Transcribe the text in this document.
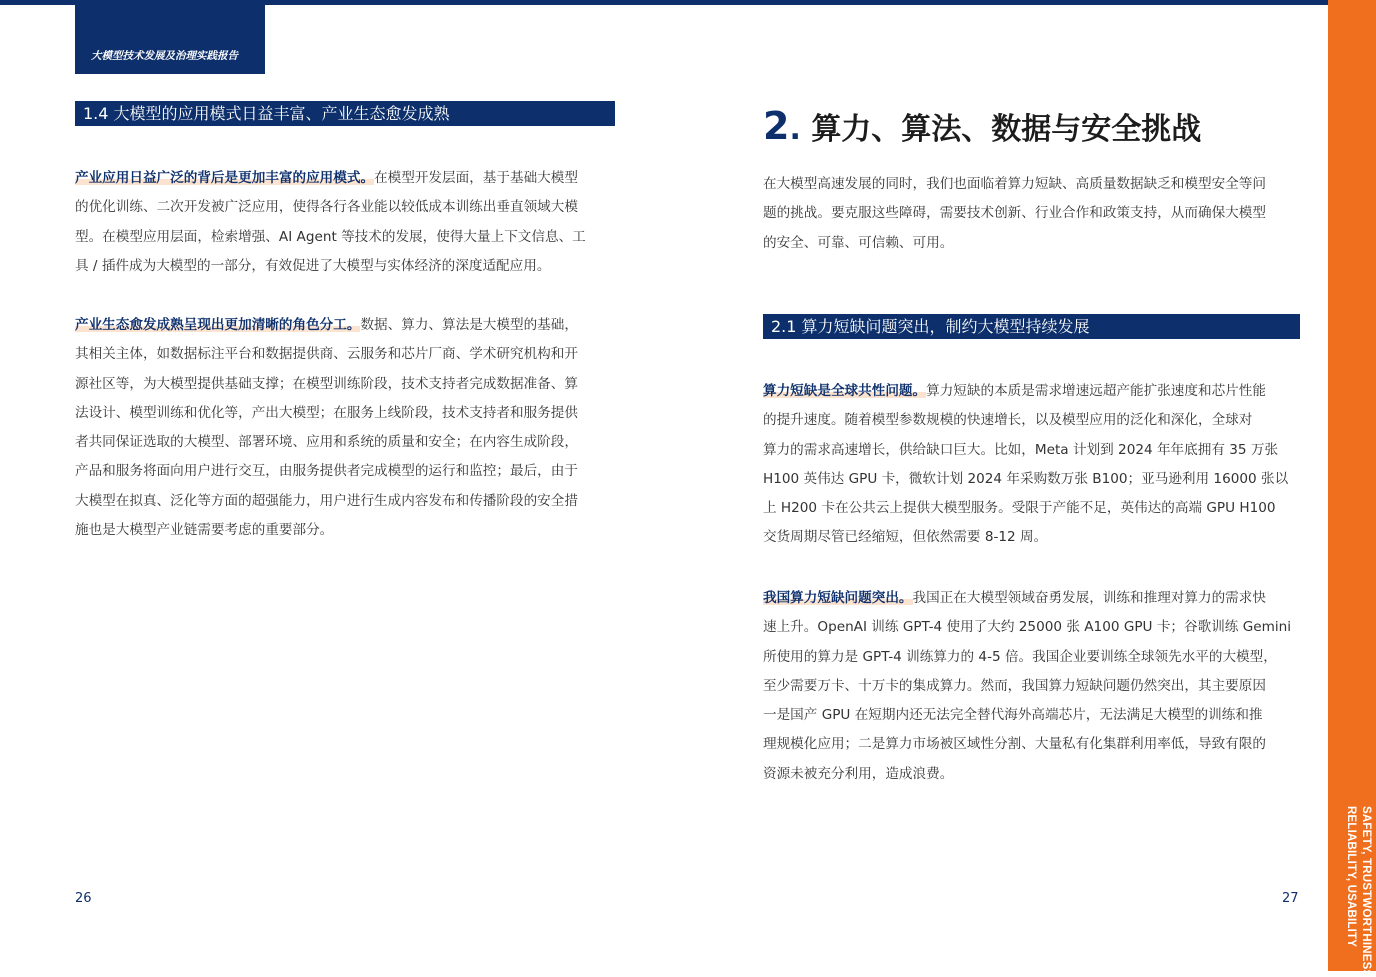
大模型技术发展及治理实践报告
SAFETY, TRUSTWORTHINESS
RELIABILITY, USABILITY
1.4 大模型的应用模式日益丰富、产业生态愈发成熟
产业应用日益广泛的背后是更加丰富的应用模式。在模型开发层面，基于基础大模型
的优化训练、二次开发被广泛应用，使得各行各业能以较低成本训练出垂直领域大模
型。在模型应用层面，检索增强、AI Agent 等技术的发展，使得大量上下文信息、工
具 / 插件成为大模型的一部分，有效促进了大模型与实体经济的深度适配应用。
产业生态愈发成熟呈现出更加清晰的角色分工。数据、算力、算法是大模型的基础，
其相关主体，如数据标注平台和数据提供商、云服务和芯片厂商、学术研究机构和开
源社区等，为大模型提供基础支撑；在模型训练阶段，技术支持者完成数据准备、算
法设计、模型训练和优化等，产出大模型；在服务上线阶段，技术支持者和服务提供
者共同保证选取的大模型、部署环境、应用和系统的质量和安全；在内容生成阶段，
产品和服务将面向用户进行交互，由服务提供者完成模型的运行和监控；最后，由于
大模型在拟真、泛化等方面的超强能力，用户进行生成内容发布和传播阶段的安全措
施也是大模型产业链需要考虑的重要部分。
26
2. 算力、算法、数据与安全挑战
在大模型高速发展的同时，我们也面临着算力短缺、高质量数据缺乏和模型安全等问
题的挑战。要克服这些障碍，需要技术创新、行业合作和政策支持，从而确保大模型
的安全、可靠、可信赖、可用。
2.1 算力短缺问题突出，制约大模型持续发展
算力短缺是全球共性问题。算力短缺的本质是需求增速远超产能扩张速度和芯片性能
的提升速度。随着模型参数规模的快速增长，以及模型应用的泛化和深化，全球对
算力的需求高速增长，供给缺口巨大。比如，Meta 计划到 2024 年年底拥有 35 万张
H100 英伟达 GPU 卡，微软计划 2024 年采购数万张 B100；亚马逊利用 16000 张以
上 H200 卡在公共云上提供大模型服务。受限于产能不足，英伟达的高端 GPU H100
交货周期尽管已经缩短，但依然需要 8-12 周。
我国算力短缺问题突出。我国正在大模型领域奋勇发展，训练和推理对算力的需求快
速上升。OpenAI 训练 GPT-4 使用了大约 25000 张 A100 GPU 卡；谷歌训练 Gemini
所使用的算力是 GPT-4 训练算力的 4-5 倍。我国企业要训练全球领先水平的大模型，
至少需要万卡、十万卡的集成算力。然而，我国算力短缺问题仍然突出，其主要原因
一是国产 GPU 在短期内还无法完全替代海外高端芯片，无法满足大模型的训练和推
理规模化应用；二是算力市场被区域性分割、大量私有化集群利用率低，导致有限的
资源未被充分利用，造成浪费。
27
